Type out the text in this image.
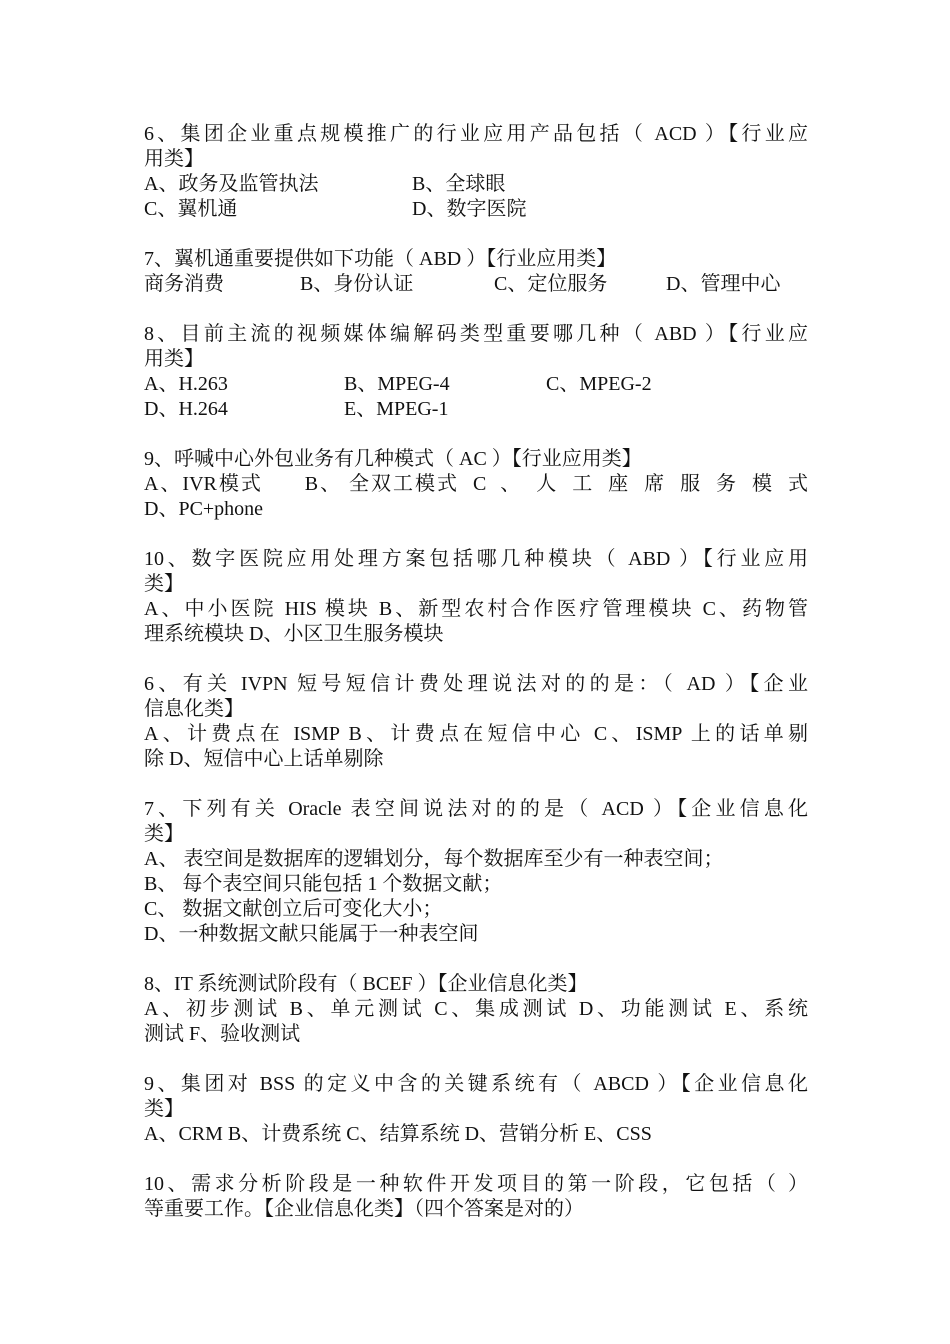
6、集团企业重点规模推广的行业应用产品包括（ ACD ）【行业应
用类】
A、政务及监管执法	B、全球眼
C、翼机通	D、数字医院
7、翼机通重要提供如下功能（ ABD ）【行业应用类】
商务消费	B、身份认证	C、定位服务	D、管理中心
8、目前主流的视频媒体编解码类型重要哪几种（ ABD ）【行业应
用类】
A、H.263	B、MPEG-4	C、MPEG-2
D、H.264	E、MPEG-1
9、呼喊中心外包业务有几种模式（ AC ）【行业应用类】
A、IVR模式      B、 全双工模式  C  、  人  工  座  席  服  务  模  式
D、PC+phone
10、数字医院应用处理方案包括哪几种模块（ ABD ）【行业应用
类】
A、中小医院 HIS 模块 B、新型农村合作医疗管理模块 C、药物管
理系统模块 D、小区卫生服务模块
6、有关 IVPN 短号短信计费处理说法对的的是：（ AD ）【企业
信息化类】
A、计费点在 ISMP B、计费点在短信中心 C、ISMP 上的话单剔
除 D、短信中心上话单剔除
7、下列有关 Oracle 表空间说法对的的是（ ACD ）【企业信息化
类】
A、 表空间是数据库的逻辑划分，每个数据库至少有一种表空间；
B、 每个表空间只能包括 1 个数据文献；
C、 数据文献创立后可变化大小；
D、一种数据文献只能属于一种表空间
8、IT 系统测试阶段有（ BCEF ）【企业信息化类】
A、初步测试 B、单元测试 C、集成测试 D、功能测试 E、系统
测试 F、验收测试
9、集团对 BSS 的定义中含的关键系统有（ ABCD ）【企业信息化
类】
A、CRM B、计费系统 C、结算系统 D、营销分析 E、CSS
10、需求分析阶段是一种软件开发项目的第一阶段，它包括（ ）
等重要工作。【企业信息化类】（四个答案是对的）
